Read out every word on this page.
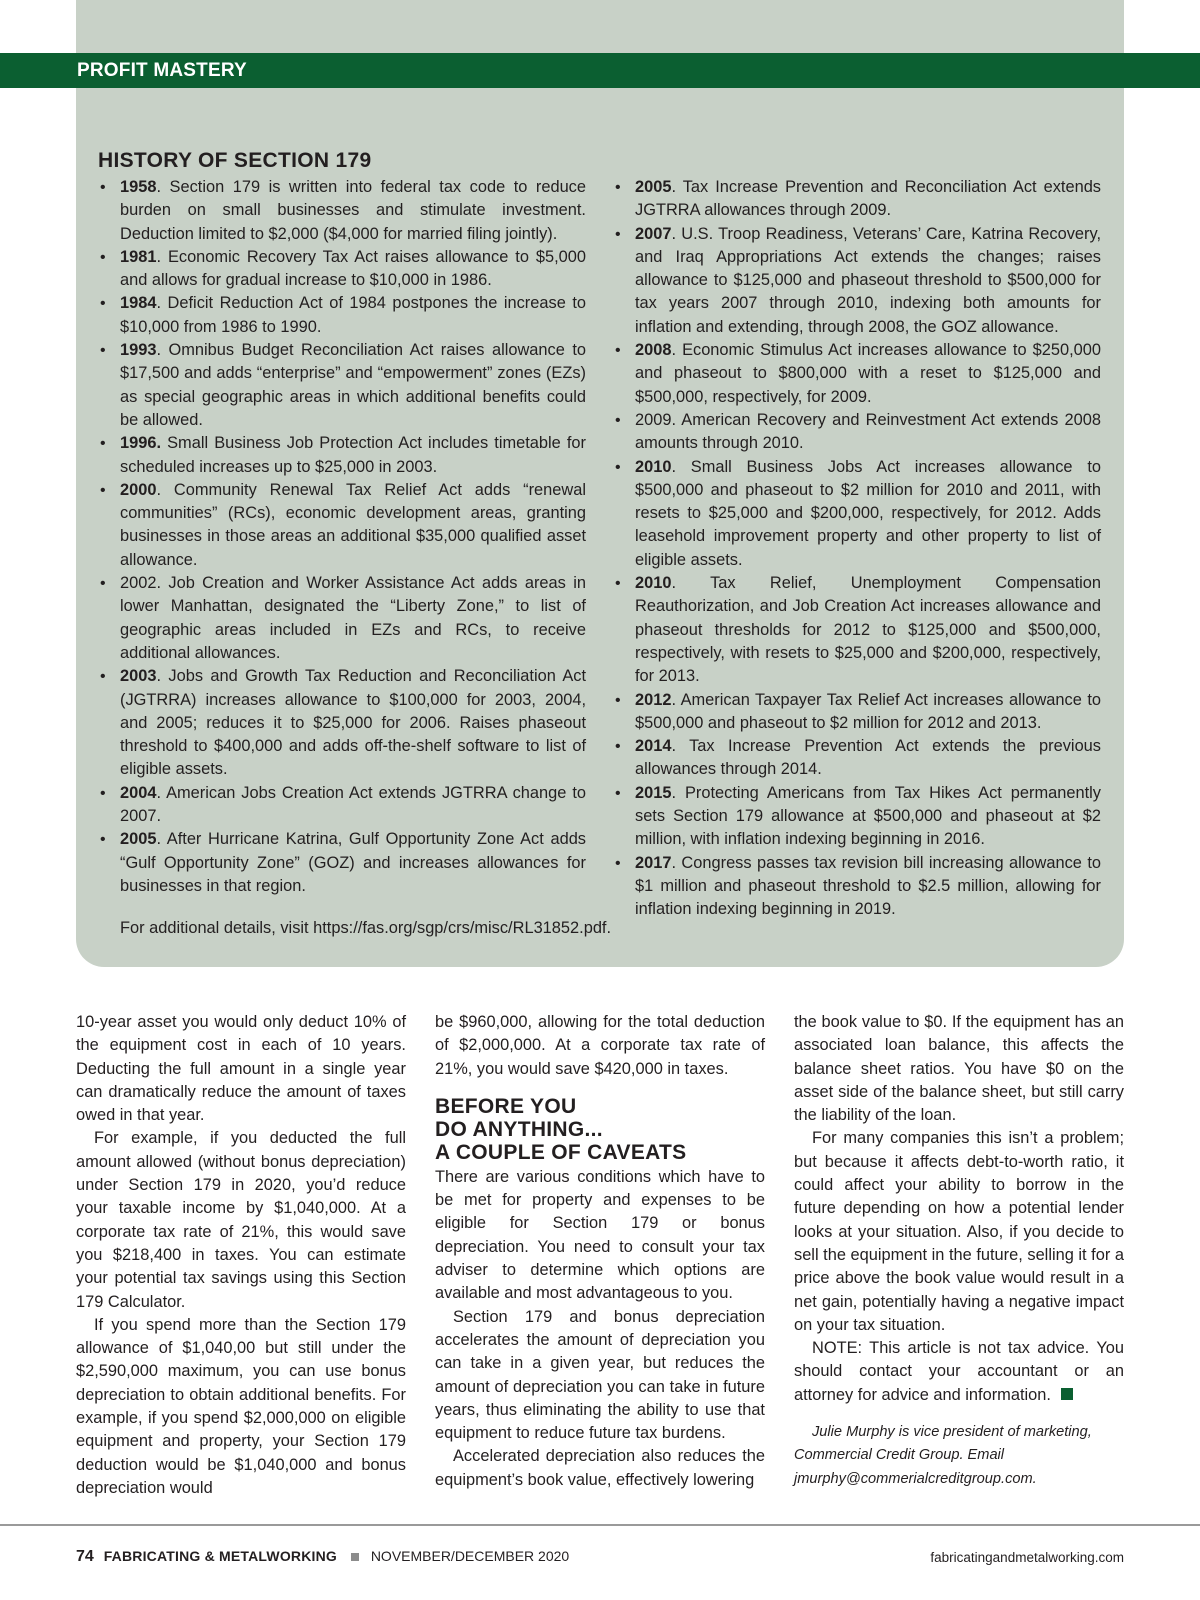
PROFIT MASTERY
HISTORY OF SECTION 179
• 1958. Section 179 is written into federal tax code to reduce burden on small businesses and stimulate investment. Deduction limited to $2,000 ($4,000 for married filing jointly).
• 1981. Economic Recovery Tax Act raises allowance to $5,000 and allows for gradual increase to $10,000 in 1986.
• 1984. Deficit Reduction Act of 1984 postpones the increase to $10,000 from 1986 to 1990.
• 1993. Omnibus Budget Reconciliation Act raises allowance to $17,500 and adds “enterprise” and “empowerment” zones (EZs) as special geographic areas in which additional benefits could be allowed.
• 1996. Small Business Job Protection Act includes timetable for scheduled increases up to $25,000 in 2003.
• 2000. Community Renewal Tax Relief Act adds “renewal communities” (RCs), economic development areas, granting businesses in those areas an additional $35,000 qualified asset allowance.
• 2002. Job Creation and Worker Assistance Act adds areas in lower Manhattan, designated the “Liberty Zone,” to list of geographic areas included in EZs and RCs, to receive additional allowances.
• 2003. Jobs and Growth Tax Reduction and Reconciliation Act (JGTRRA) increases allowance to $100,000 for 2003, 2004, and 2005; reduces it to $25,000 for 2006. Raises phaseout threshold to $400,000 and adds off-the-shelf software to list of eligible assets.
• 2004. American Jobs Creation Act extends JGTRRA change to 2007.
• 2005. After Hurricane Katrina, Gulf Opportunity Zone Act adds “Gulf Opportunity Zone” (GOZ) and increases allowances for businesses in that region.
• 2005. Tax Increase Prevention and Reconciliation Act extends JGTRRA allowances through 2009.
• 2007. U.S. Troop Readiness, Veterans’ Care, Katrina Recovery, and Iraq Appropriations Act extends the changes; raises allowance to $125,000 and phaseout threshold to $500,000 for tax years 2007 through 2010, indexing both amounts for inflation and extending, through 2008, the GOZ allowance.
• 2008. Economic Stimulus Act increases allowance to $250,000 and phaseout to $800,000 with a reset to $125,000 and $500,000, respectively, for 2009.
• 2009. American Recovery and Reinvestment Act extends 2008 amounts through 2010.
• 2010. Small Business Jobs Act increases allowance to $500,000 and phaseout to $2 million for 2010 and 2011, with resets to $25,000 and $200,000, respectively, for 2012. Adds leasehold improvement property and other property to list of eligible assets.
• 2010. Tax Relief, Unemployment Compensation Reauthorization, and Job Creation Act increases allowance and phaseout thresholds for 2012 to $125,000 and $500,000, respectively, with resets to $25,000 and $200,000, respectively, for 2013.
• 2012. American Taxpayer Tax Relief Act increases allowance to $500,000 and phaseout to $2 million for 2012 and 2013.
• 2014. Tax Increase Prevention Act extends the previous allowances through 2014.
• 2015. Protecting Americans from Tax Hikes Act permanently sets Section 179 allowance at $500,000 and phaseout at $2 million, with inflation indexing beginning in 2016.
• 2017. Congress passes tax revision bill increasing allowance to $1 million and phaseout threshold to $2.5 million, allowing for inflation indexing beginning in 2019.
For additional details, visit https://fas.org/sgp/crs/misc/RL31852.pdf.

10-year asset you would only deduct 10% of the equipment cost in each of 10 years. Deducting the full amount in a single year can dramatically reduce the amount of taxes owed in that year.

For example, if you deducted the full amount allowed (without bonus depreciation) under Section 179 in 2020, you’d reduce your taxable income by $1,040,000. At a corporate tax rate of 21%, this would save you $218,400 in taxes. You can estimate your potential tax savings using this Section 179 Calculator.

If you spend more than the Section 179 allowance of $1,040,00 but still under the $2,590,000 maximum, you can use bonus depreciation to obtain additional benefits. For example, if you spend $2,000,000 on eligible equipment and property, your Section 179 deduction would be $1,040,000 and bonus depreciation would

be $960,000, allowing for the total deduction of $2,000,000. At a corporate tax rate of 21%, you would save $420,000 in taxes.

BEFORE YOU
DO ANYTHING...
A COUPLE OF CAVEATS

There are various conditions which have to be met for property and expenses to be eligible for Section 179 or bonus depreciation. You need to consult your tax adviser to determine which options are available and most advantageous to you.

Section 179 and bonus depreciation accelerates the amount of depreciation you can take in a given year, but reduces the amount of depreciation you can take in future years, thus eliminating the ability to use that equipment to reduce future tax burdens.

Accelerated depreciation also reduces the equipment’s book value, effectively lowering

the book value to $0. If the equipment has an associated loan balance, this affects the balance sheet ratios. You have $0 on the asset side of the balance sheet, but still carry the liability of the loan.

For many companies this isn’t a problem; but because it affects debt-to-worth ratio, it could affect your ability to borrow in the future depending on how a potential lender looks at your situation. Also, if you decide to sell the equipment in the future, selling it for a price above the book value would result in a net gain, potentially having a negative impact on your tax situation.

NOTE: This article is not tax advice. You should contact your accountant or an attorney for advice and information.

Julie Murphy is vice president of marketing, Commercial Credit Group. Email jmurphy@commerialcreditgroup.com.

74 FABRICATING & METALWORKING NOVEMBER/DECEMBER 2020	fabricatingandmetalworking.com
